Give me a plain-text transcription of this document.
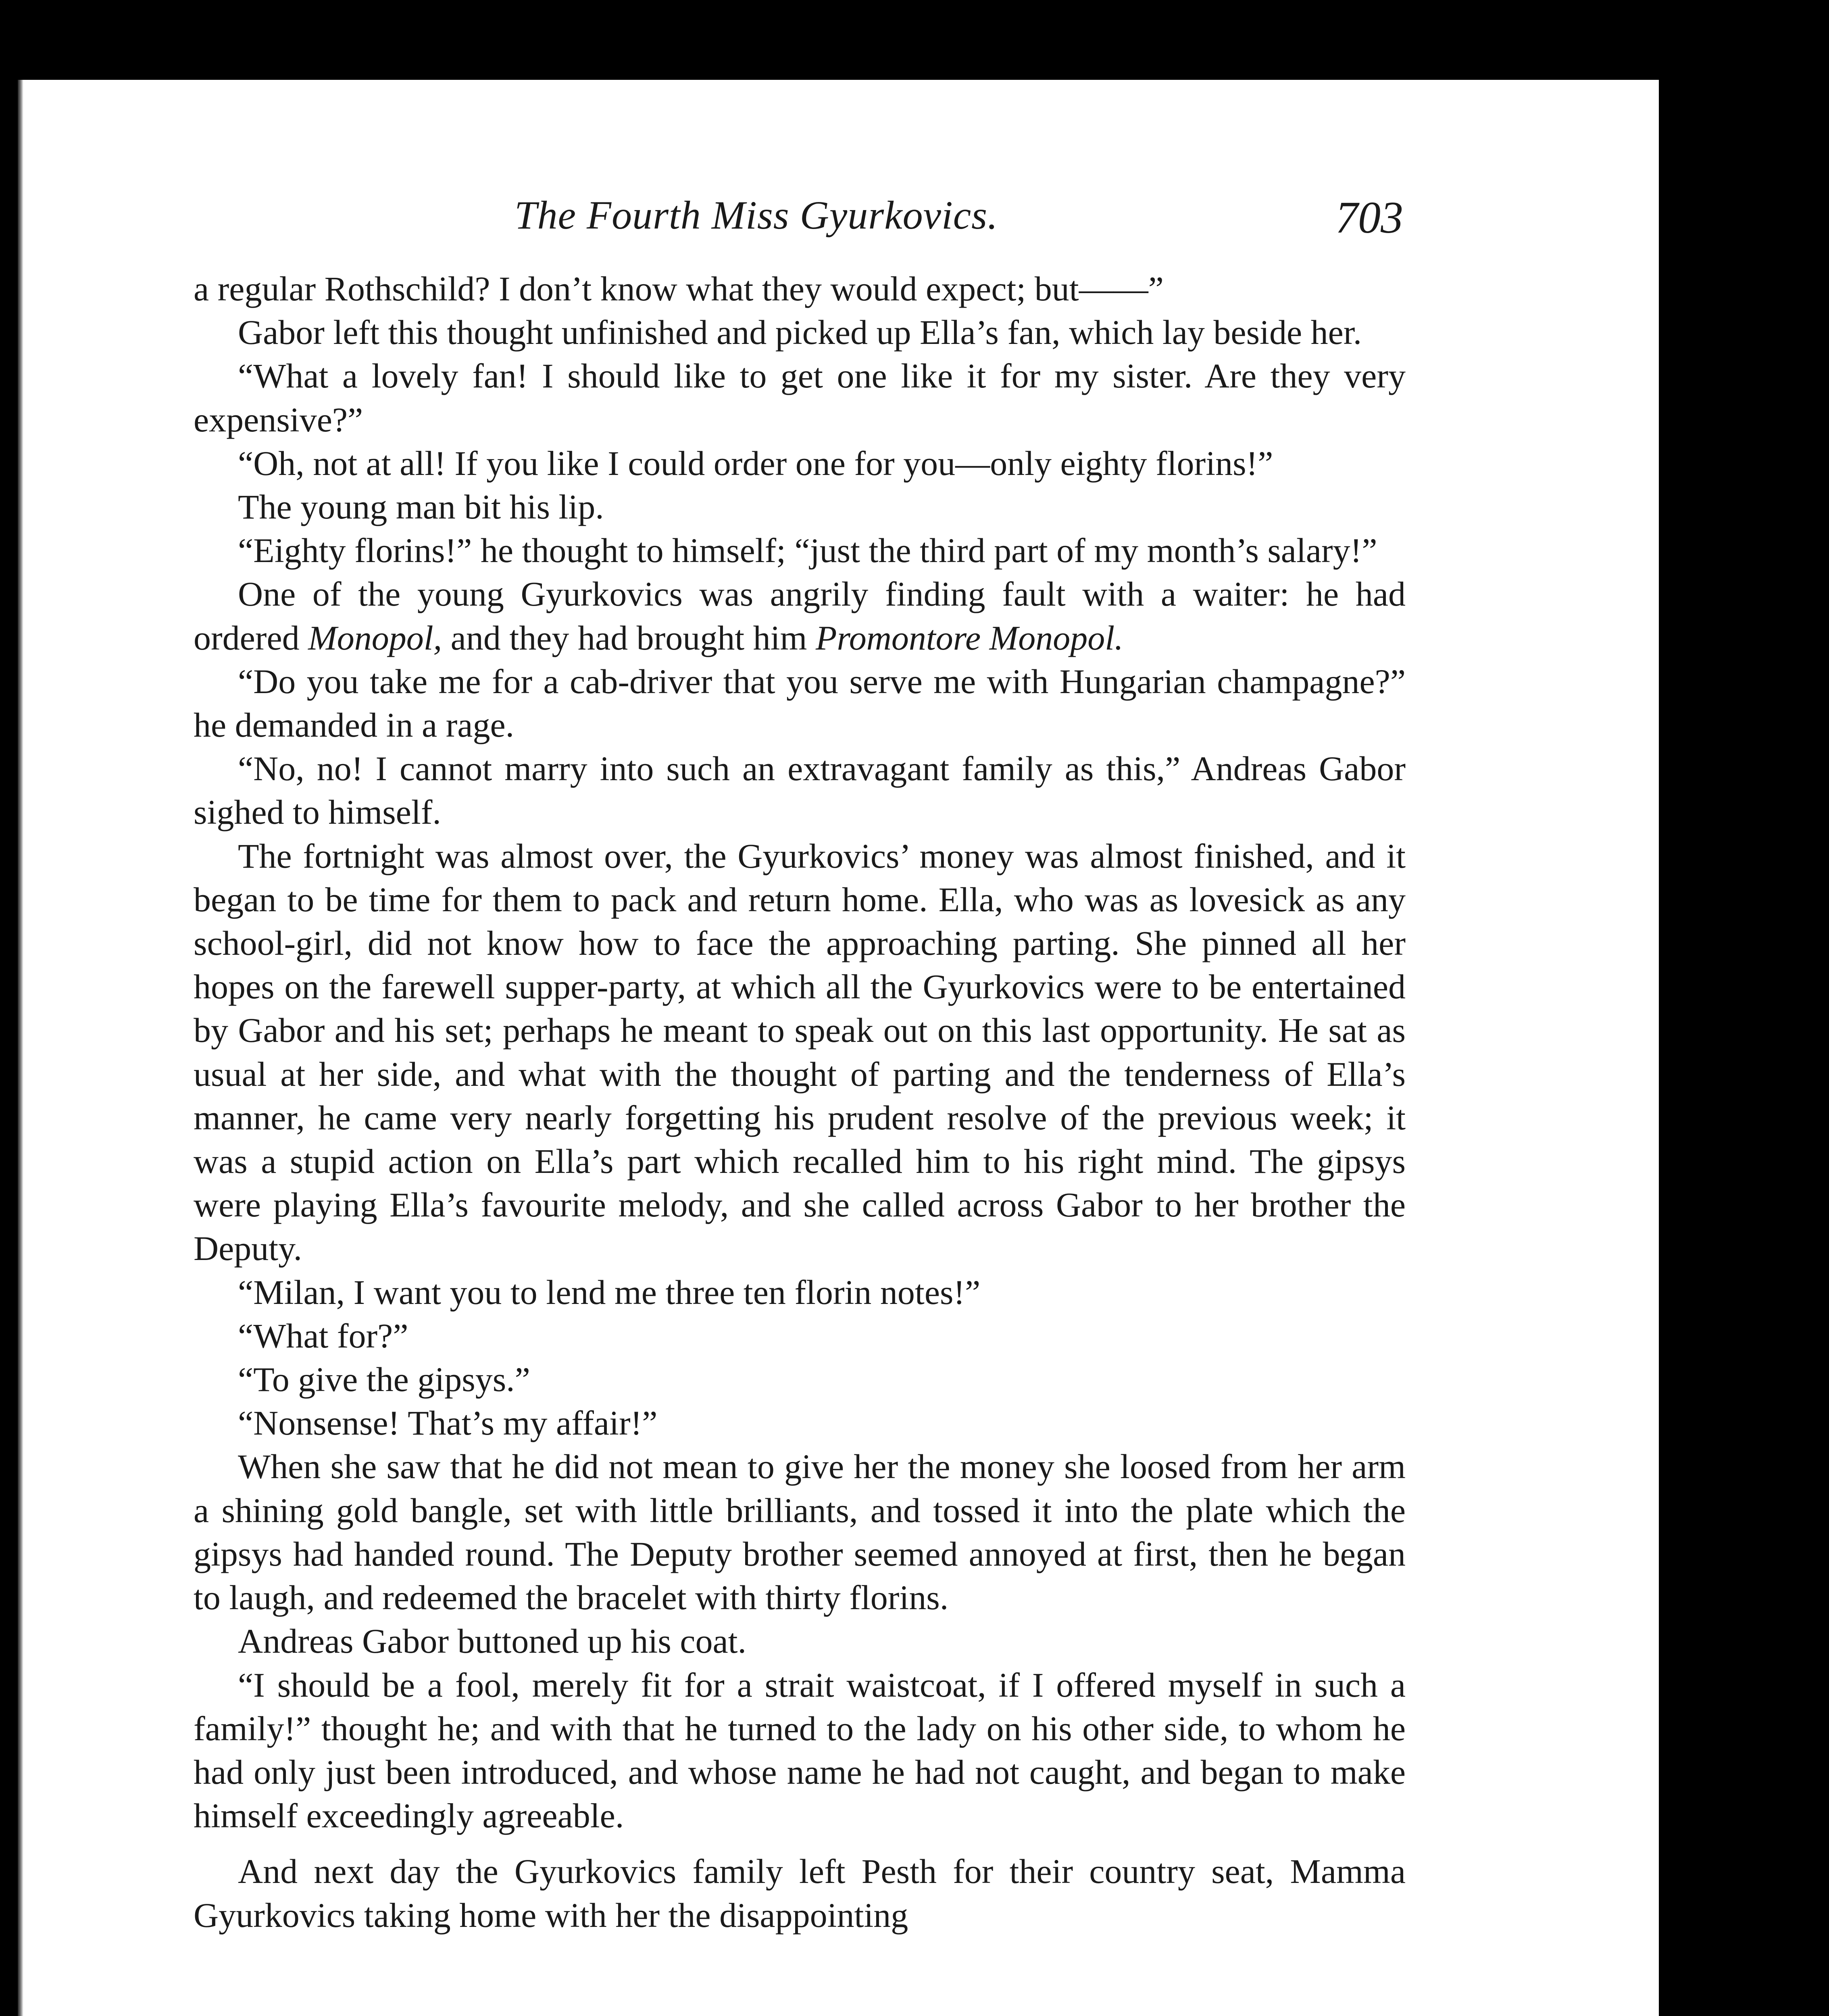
The Fourth Miss Gyurkovics.	703

a regular Rothschild? I don’t know what they would expect; but——”

Gabor left this thought unfinished and picked up Ella’s fan, which lay beside her.

“What a lovely fan! I should like to get one like it for my sister. Are they very expensive?”

“Oh, not at all! If you like I could order one for you—only eighty florins!”

The young man bit his lip.

“Eighty florins!” he thought to himself; “just the third part of my month’s salary!”

One of the young Gyurkovics was angrily finding fault with a waiter: he had ordered Monopol, and they had brought him Promontore Monopol.

“Do you take me for a cab-driver that you serve me with Hungarian champagne?” he demanded in a rage.

“No, no! I cannot marry into such an extravagant family as this,” Andreas Gabor sighed to himself.

The fortnight was almost over, the Gyurkovics’ money was almost finished, and it began to be time for them to pack and return home. Ella, who was as lovesick as any school-girl, did not know how to face the approaching parting. She pinned all her hopes on the farewell supper-party, at which all the Gyurkovics were to be entertained by Gabor and his set; perhaps he meant to speak out on this last opportunity. He sat as usual at her side, and what with the thought of parting and the tenderness of Ella’s manner, he came very nearly forgetting his prudent resolve of the previous week; it was a stupid action on Ella’s part which recalled him to his right mind. The gipsys were playing Ella’s favourite melody, and she called across Gabor to her brother the Deputy.

“Milan, I want you to lend me three ten florin notes!”

“What for?”

“To give the gipsys.”

“Nonsense! That’s my affair!”

When she saw that he did not mean to give her the money she loosed from her arm a shining gold bangle, set with little brilliants, and tossed it into the plate which the gipsys had handed round. The Deputy brother seemed annoyed at first, then he began to laugh, and redeemed the bracelet with thirty florins.

Andreas Gabor buttoned up his coat.

“I should be a fool, merely fit for a strait waistcoat, if I offered myself in such a family!” thought he; and with that he turned to the lady on his other side, to whom he had only just been introduced, and whose name he had not caught, and began to make himself exceedingly agreeable.

And next day the Gyurkovics family left Pesth for their country seat, Mamma Gyurkovics taking home with her the disappointing
